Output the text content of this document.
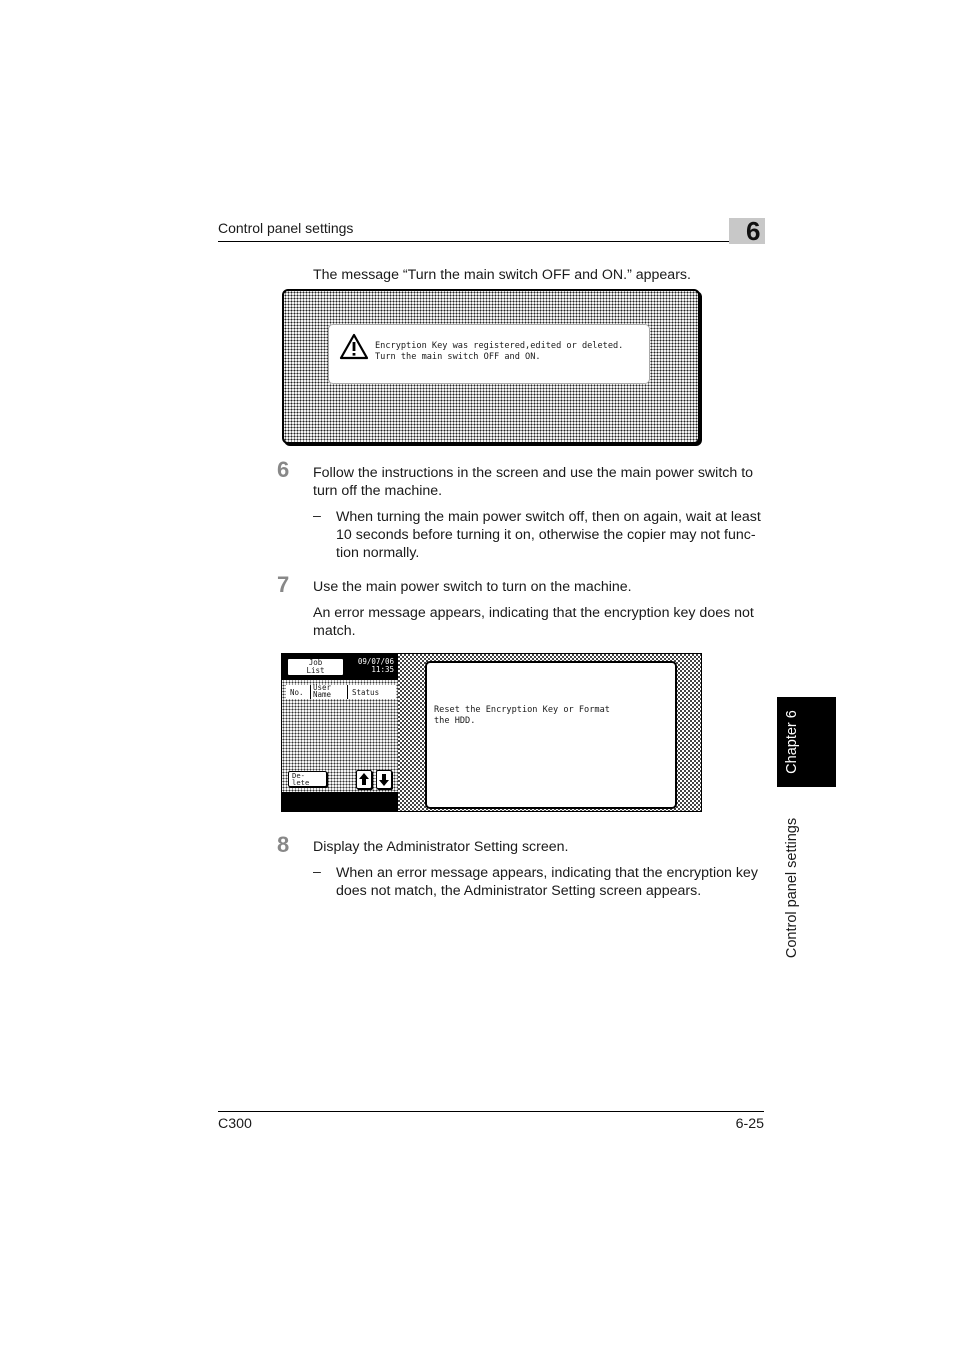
Control panel settings	6
The message “Turn the main switch OFF and ON.” appears.
Encryption Key was registered,edited or deleted.
Turn the main switch OFF and ON.
6 Follow the instructions in the screen and use the main power switch to
turn off the machine.
– When turning the main power switch off, then on again, wait at least
10 seconds before turning it on, otherwise the copier may not func-
tion normally.
7 Use the main power switch to turn on the machine.
An error message appears, indicating that the encryption key does not
match.
Job
List
09/07/06
11:35
No.
User
Name	Status
De-
lete
Reset the Encryption Key or Format
the HDD.
8 Display the Administrator Setting screen.
– When an error message appears, indicating that the encryption key
does not match, the Administrator Setting screen appears.
Chapter 6
Control panel settings
C300	6-25
